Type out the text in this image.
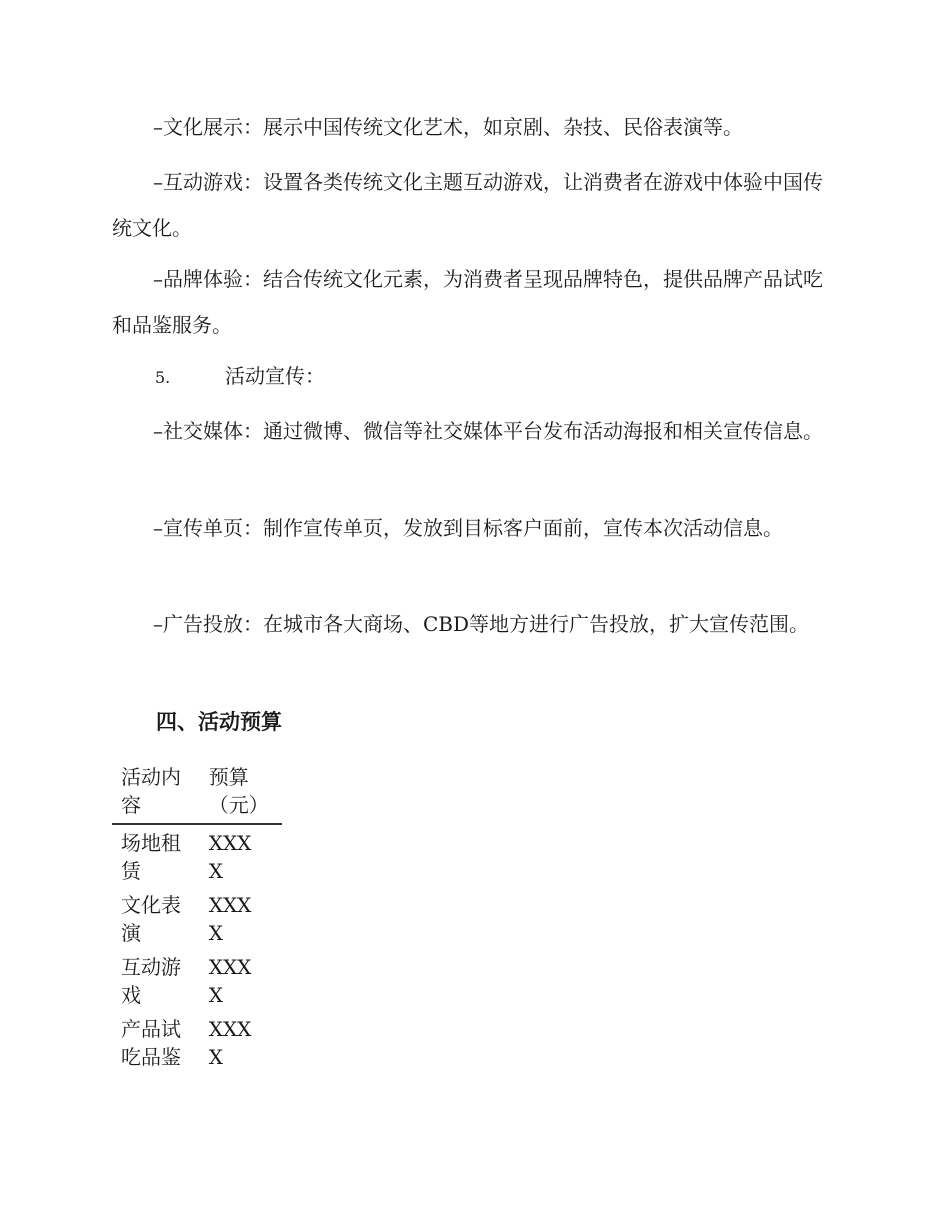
–文化展示：展示中国传统文化艺术，如京剧、杂技、民俗表演等。

–互动游戏：设置各类传统文化主题互动游戏，让消费者在游戏中体验中国传统文化。

–品牌体验：结合传统文化元素，为消费者呈现品牌特色，提供品牌产品试吃和品鉴服务。

5.	活动宣传：

–社交媒体：通过微博、微信等社交媒体平台发布活动海报和相关宣传信息。

–宣传单页：制作宣传单页，发放到目标客户面前，宣传本次活动信息。

–广告投放：在城市各大商场、CBD等地方进行广告投放，扩大宣传范围。

四、活动预算
活动内容	预算（元）

场地租赁	XXXX

文化表演	XXXX

互动游戏	XXXX

产品试吃品鉴	XXXX
